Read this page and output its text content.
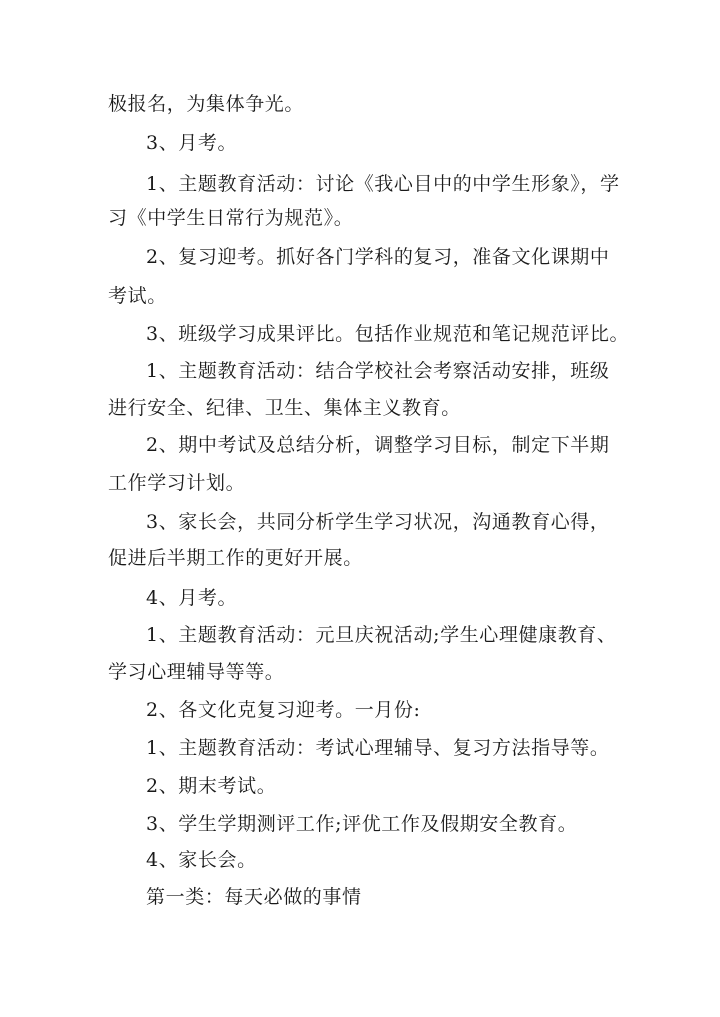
极报名，为集体争光。
3、月考。
1、主题教育活动：讨论《我心目中的中学生形象》，学
习《中学生日常行为规范》。
2、复习迎考。抓好各门学科的复习，准备文化课期中
考试。
3、班级学习成果评比。包括作业规范和笔记规范评比。
1、主题教育活动：结合学校社会考察活动安排，班级
进行安全、纪律、卫生、集体主义教育。
2、期中考试及总结分析，调整学习目标，制定下半期
工作学习计划。
3、家长会，共同分析学生学习状况，沟通教育心得，
促进后半期工作的更好开展。
4、月考。
1、主题教育活动：元旦庆祝活动;学生心理健康教育、
学习心理辅导等等。
2、各文化克复习迎考。一月份:
1、主题教育活动：考试心理辅导、复习方法指导等。
2、期末考试。
3、学生学期测评工作;评优工作及假期安全教育。
4、家长会。
第一类：每天必做的事情
